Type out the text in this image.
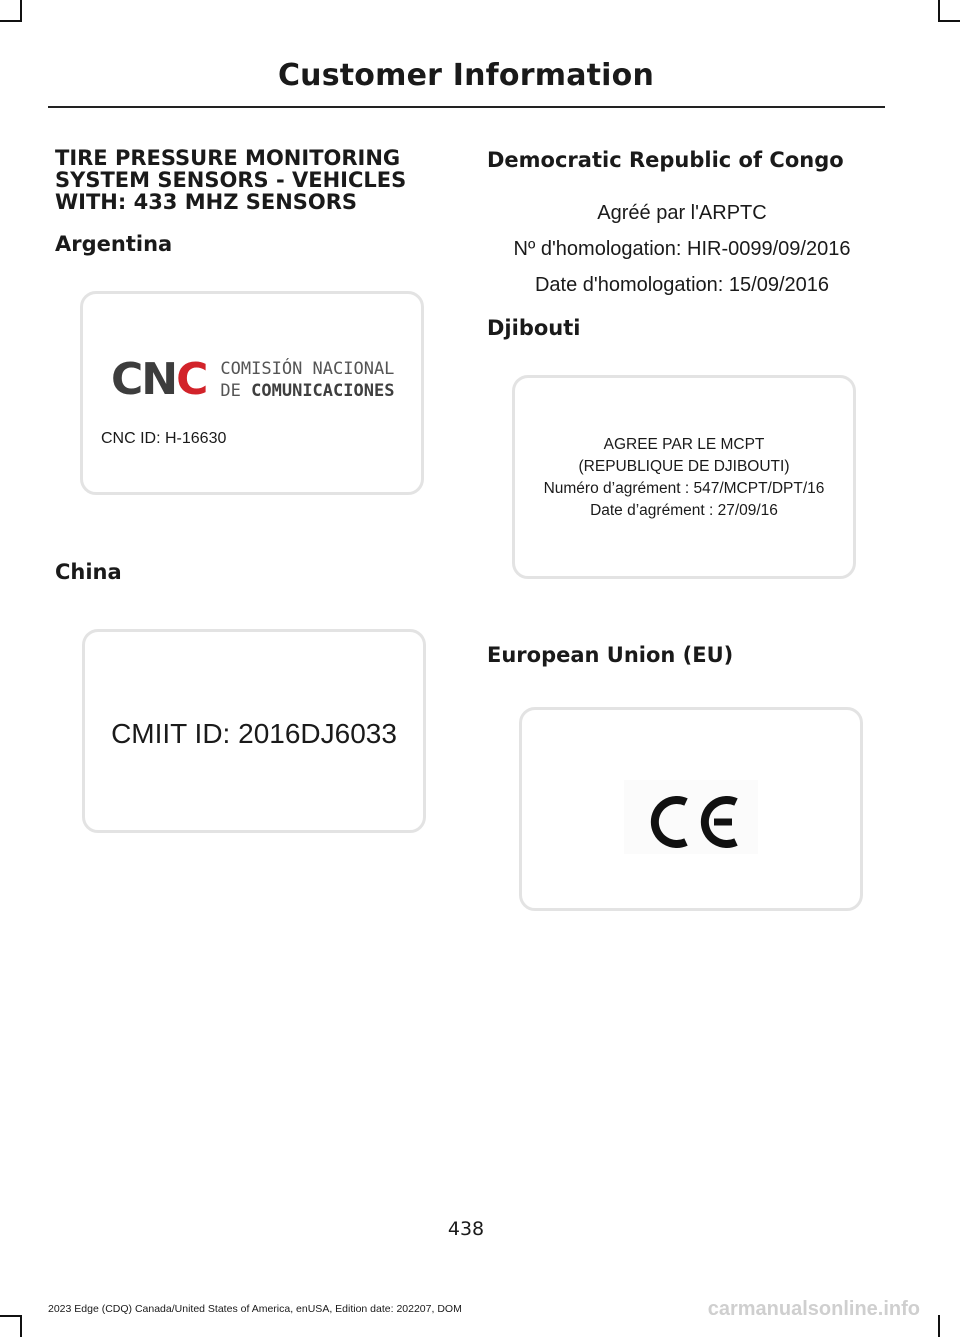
Customer Information
TIRE PRESSURE MONITORING SYSTEM SENSORS - VEHICLES WITH: 433 MHZ SENSORS
Argentina
C N C COMISIÓN NACIONAL
DE COMUNICACIONES
CNC ID: H-16630
China
CMIIT ID: 2016DJ6033
Democratic Republic of Congo
Agréé par l'ARPTC
Nº d'homologation: HIR-0099/09/2016
Date d'homologation: 15/09/2016
Djibouti
AGREE PAR LE MCPT
(REPUBLIQUE DE DJIBOUTI)
Numéro d’agrément : 547/MCPT/DPT/16
Date d’agrément : 27/09/16
European Union (EU)
438
2023 Edge (CDQ) Canada/United States of America, enUSA, Edition date: 202207, DOM	carmanualsonline.info
